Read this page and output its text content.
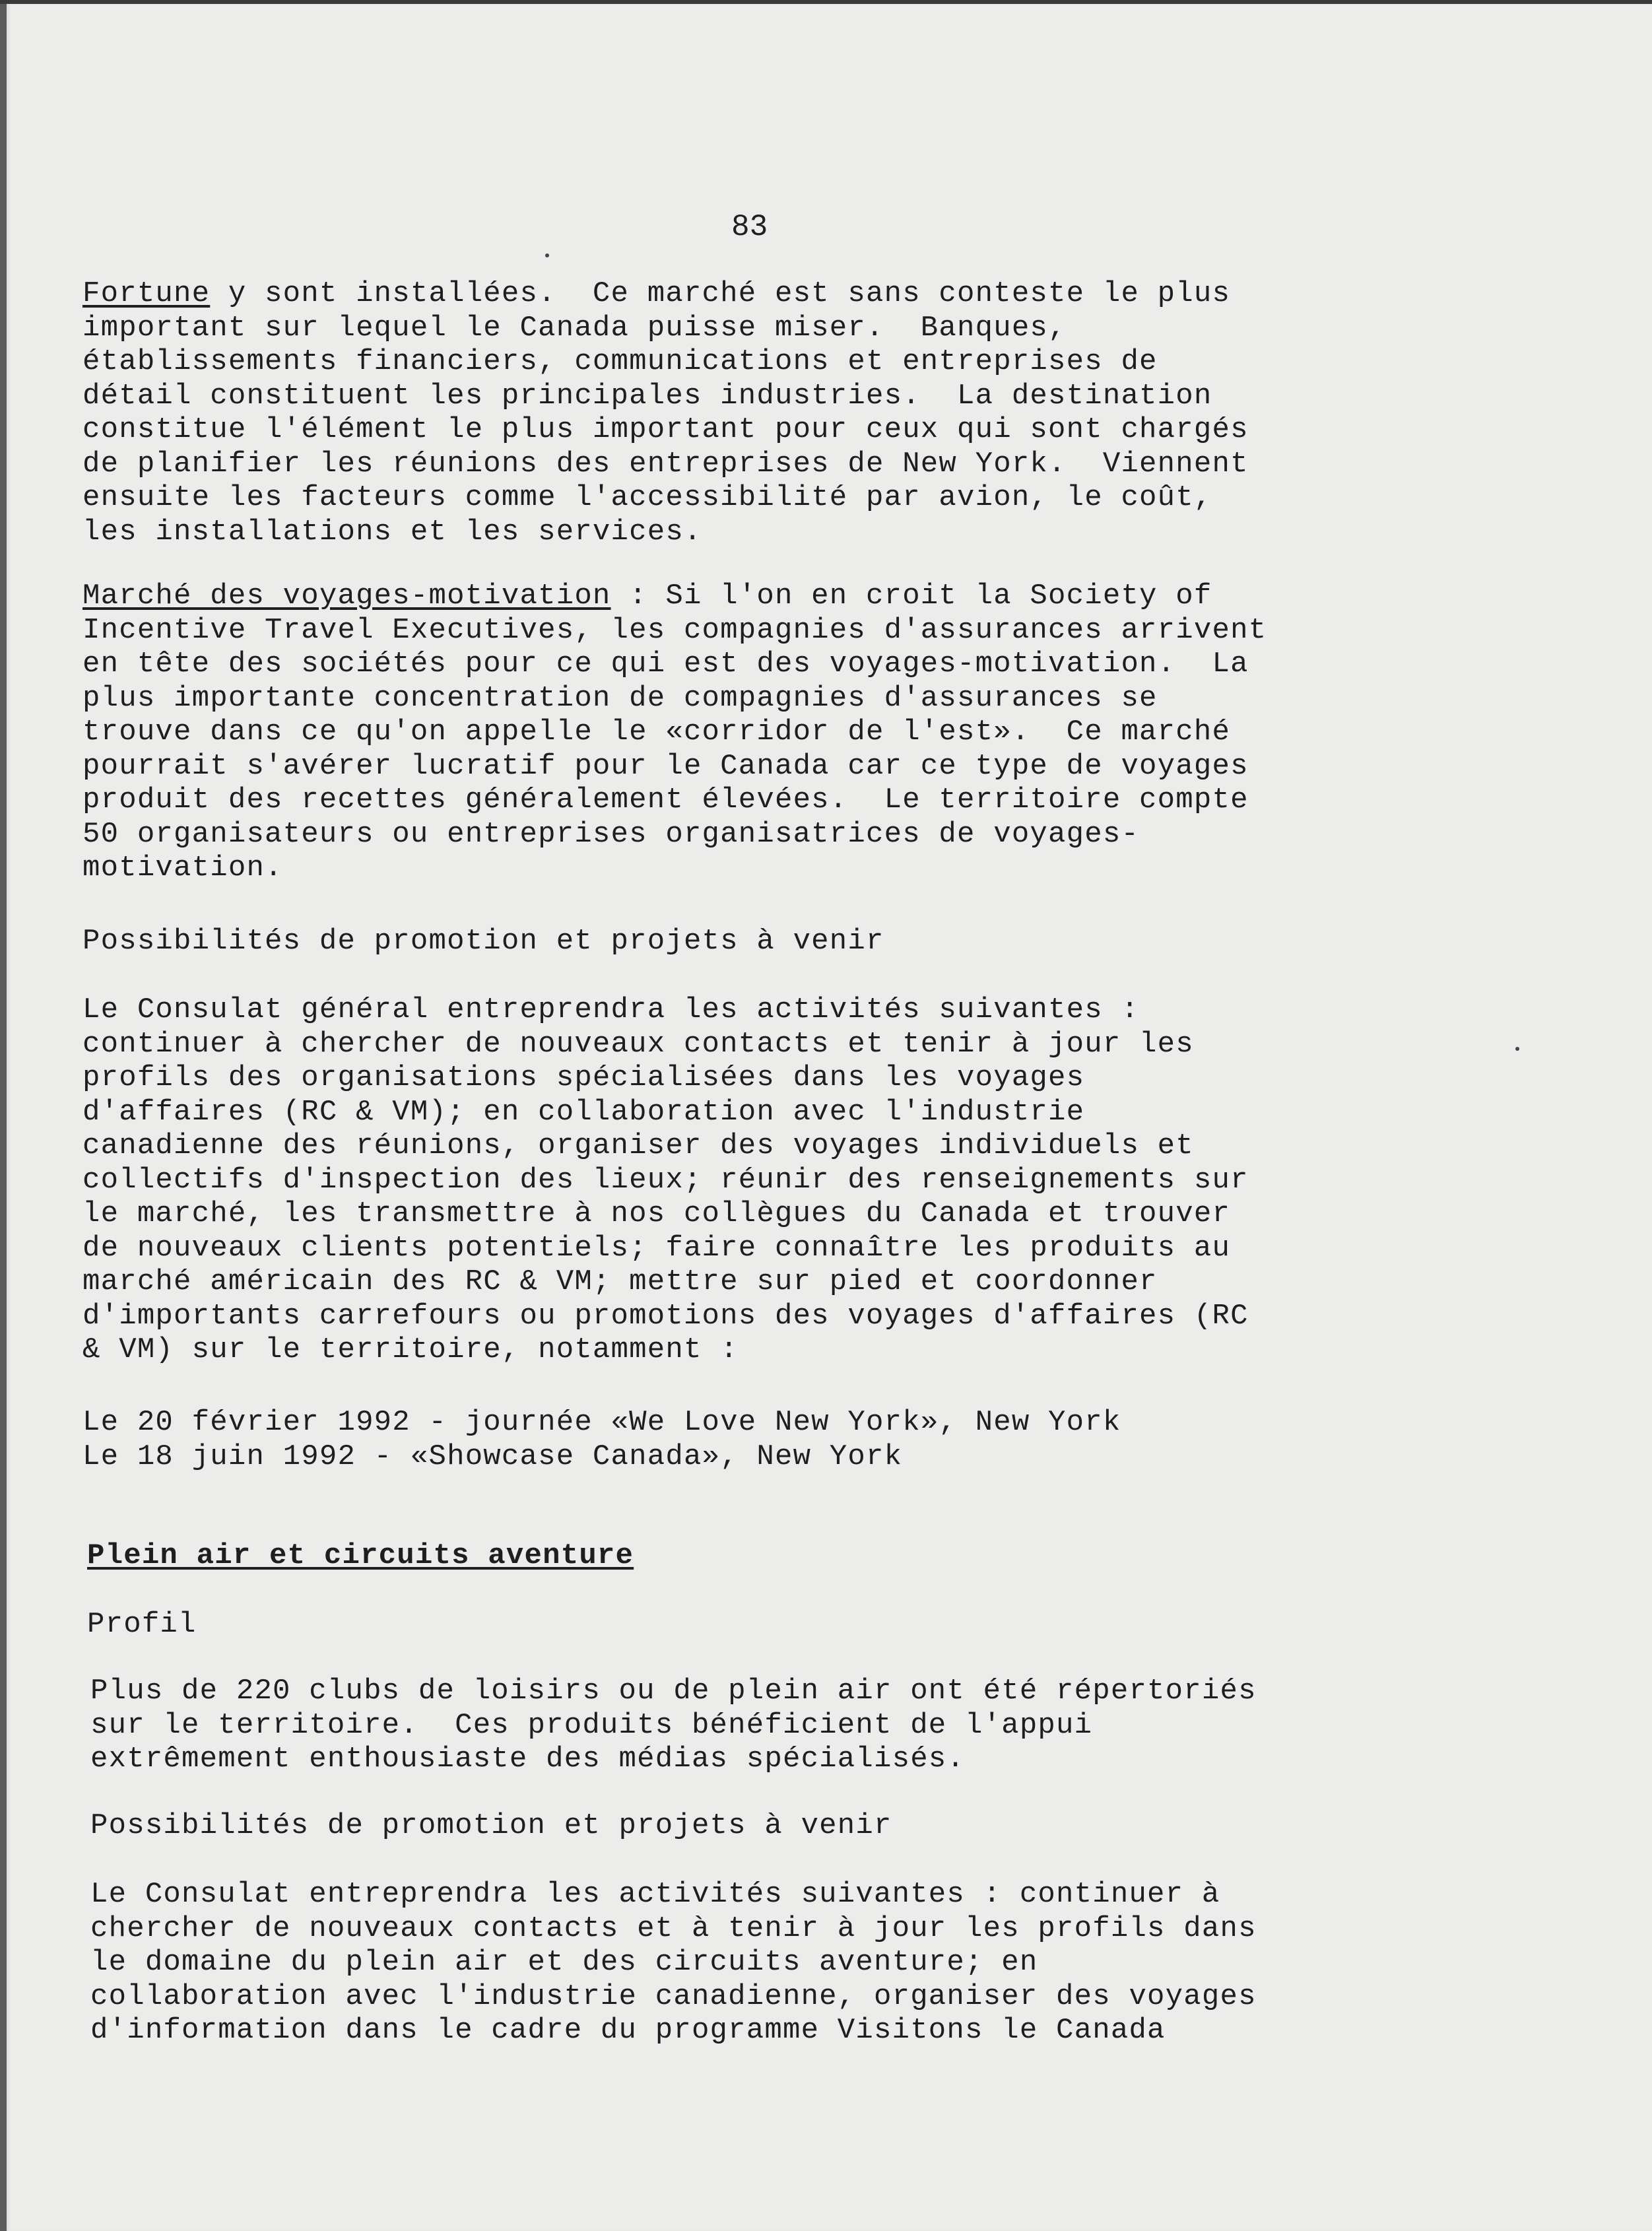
83

Fortune y sont installées.  Ce marché est sans conteste le plus

important sur lequel le Canada puisse miser.  Banques,

établissements financiers, communications et entreprises de

détail constituent les principales industries.  La destination

constitue l'élément le plus important pour ceux qui sont chargés

de planifier les réunions des entreprises de New York.  Viennent

ensuite les facteurs comme l'accessibilité par avion, le coût,

les installations et les services.

Marché des voyages-motivation : Si l'on en croit la Society of

Incentive Travel Executives, les compagnies d'assurances arrivent

en tête des sociétés pour ce qui est des voyages-motivation.  La

plus importante concentration de compagnies d'assurances se

trouve dans ce qu'on appelle le «corridor de l'est».  Ce marché

pourrait s'avérer lucratif pour le Canada car ce type de voyages

produit des recettes généralement élevées.  Le territoire compte

50 organisateurs ou entreprises organisatrices de voyages-

motivation.

Possibilités de promotion et projets à venir

Le Consulat général entreprendra les activités suivantes :

continuer à chercher de nouveaux contacts et tenir à jour les

profils des organisations spécialisées dans les voyages

d'affaires (RC & VM); en collaboration avec l'industrie

canadienne des réunions, organiser des voyages individuels et

collectifs d'inspection des lieux; réunir des renseignements sur

le marché, les transmettre à nos collègues du Canada et trouver

de nouveaux clients potentiels; faire connaître les produits au

marché américain des RC & VM; mettre sur pied et coordonner

d'importants carrefours ou promotions des voyages d'affaires (RC

& VM) sur le territoire, notamment :

Le 20 février 1992 - journée «We Love New York», New York

Le 18 juin 1992 - «Showcase Canada», New York

Plein air et circuits aventure

Profil

Plus de 220 clubs de loisirs ou de plein air ont été répertoriés

sur le territoire.  Ces produits bénéficient de l'appui

extrêmement enthousiaste des médias spécialisés.

Possibilités de promotion et projets à venir

Le Consulat entreprendra les activités suivantes : continuer à

chercher de nouveaux contacts et à tenir à jour les profils dans

le domaine du plein air et des circuits aventure; en

collaboration avec l'industrie canadienne, organiser des voyages

d'information dans le cadre du programme Visitons le Canada
